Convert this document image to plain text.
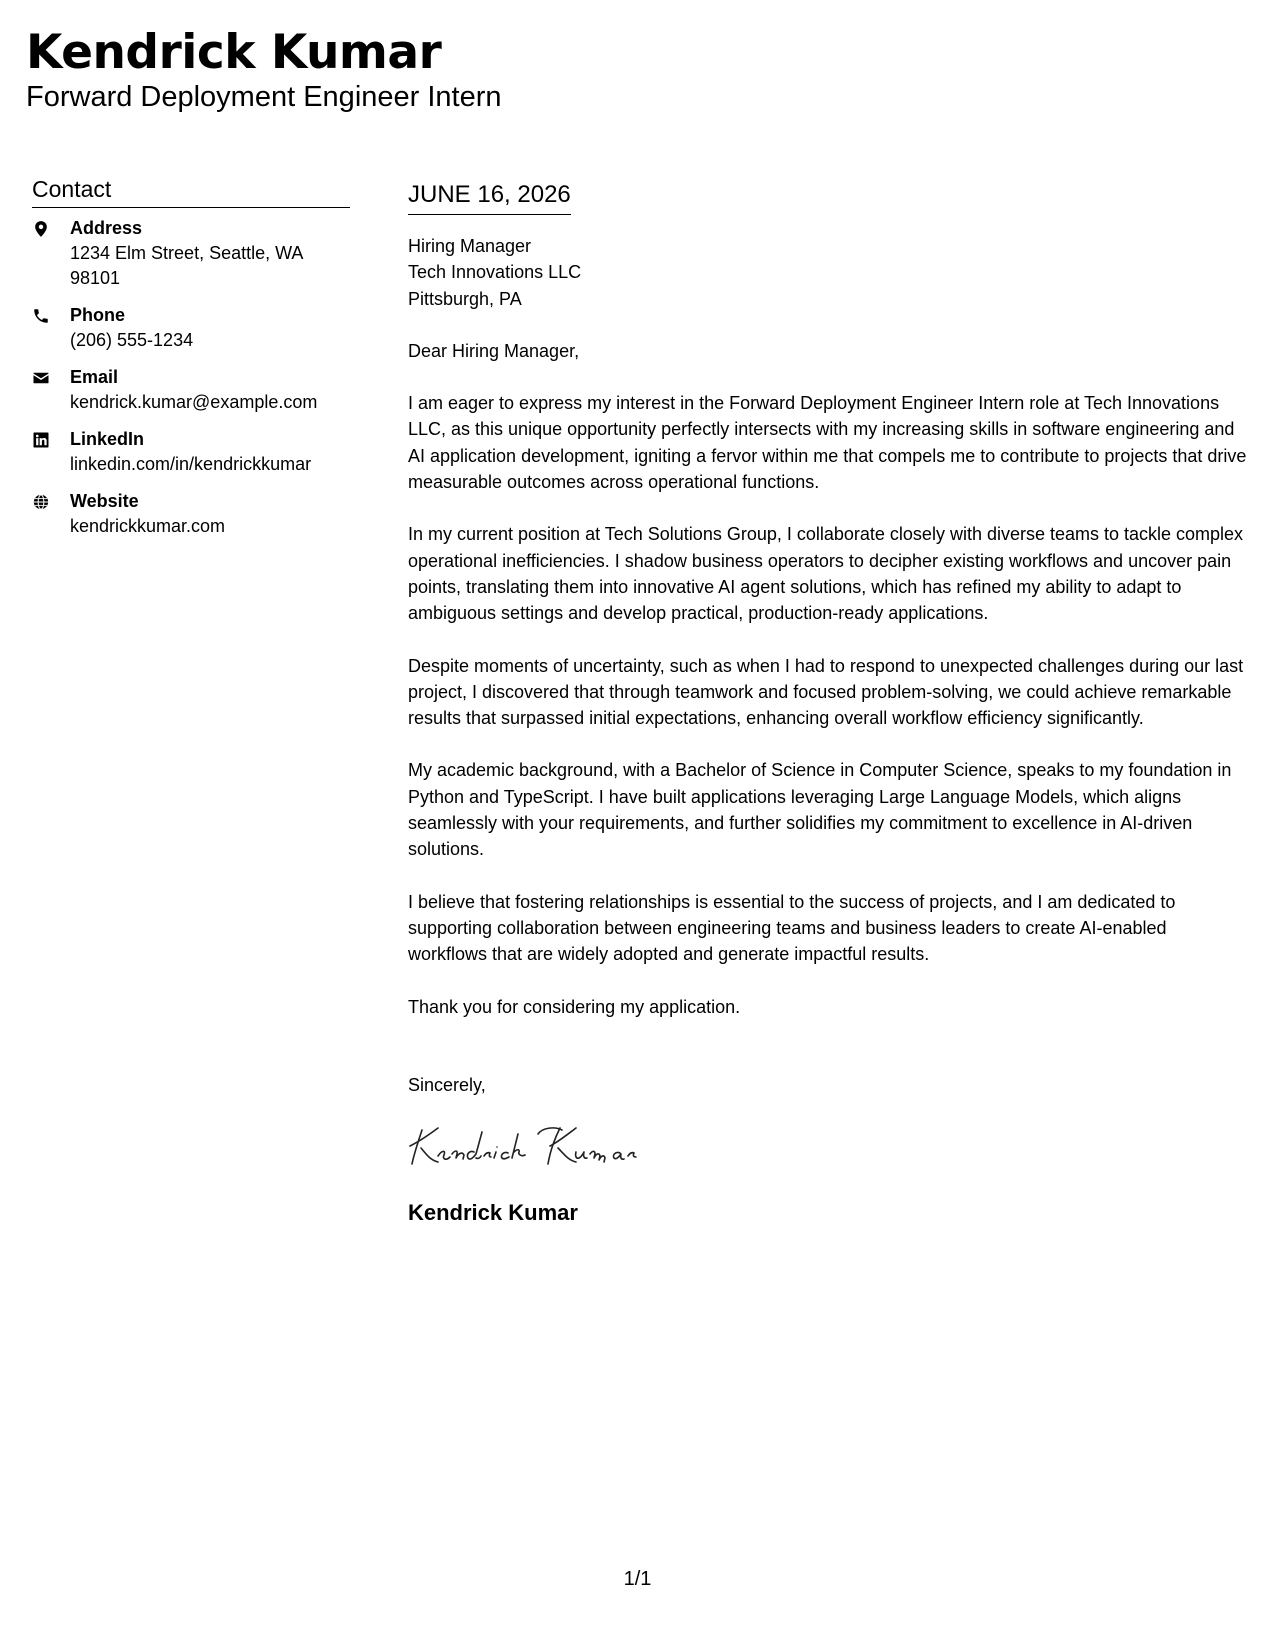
Kendrick Kumar
Forward Deployment Engineer Intern
Contact
Address
1234 Elm Street, Seattle, WA 98101
Phone
(206) 555-1234
Email
kendrick.kumar@example.com
LinkedIn
linkedin.com/in/kendrickkumar
Website
kendrickkumar.com
JUNE 16, 2026
Hiring Manager
Tech Innovations LLC
Pittsburgh, PA

Dear Hiring Manager,

I am eager to express my interest in the Forward Deployment Engineer Intern role at Tech Innovations LLC, as this unique opportunity perfectly intersects with my increasing skills in software engineering and AI application development, igniting a fervor within me that compels me to contribute to projects that drive measurable outcomes across operational functions.

In my current position at Tech Solutions Group, I collaborate closely with diverse teams to tackle complex operational inefficiencies. I shadow business operators to decipher existing workflows and uncover pain points, translating them into innovative AI agent solutions, which has refined my ability to adapt to ambiguous settings and develop practical, production-ready applications.

Despite moments of uncertainty, such as when I had to respond to unexpected challenges during our last project, I discovered that through teamwork and focused problem-solving, we could achieve remarkable results that surpassed initial expectations, enhancing overall workflow efficiency significantly.

My academic background, with a Bachelor of Science in Computer Science, speaks to my foundation in Python and TypeScript. I have built applications leveraging Large Language Models, which aligns seamlessly with your requirements, and further solidifies my commitment to excellence in AI-driven solutions.

I believe that fostering relationships is essential to the success of projects, and I am dedicated to supporting collaboration between engineering teams and business leaders to create AI-enabled workflows that are widely adopted and generate impactful results.

Thank you for considering my application.

Sincerely,
Kendrick Kumar
1/1
